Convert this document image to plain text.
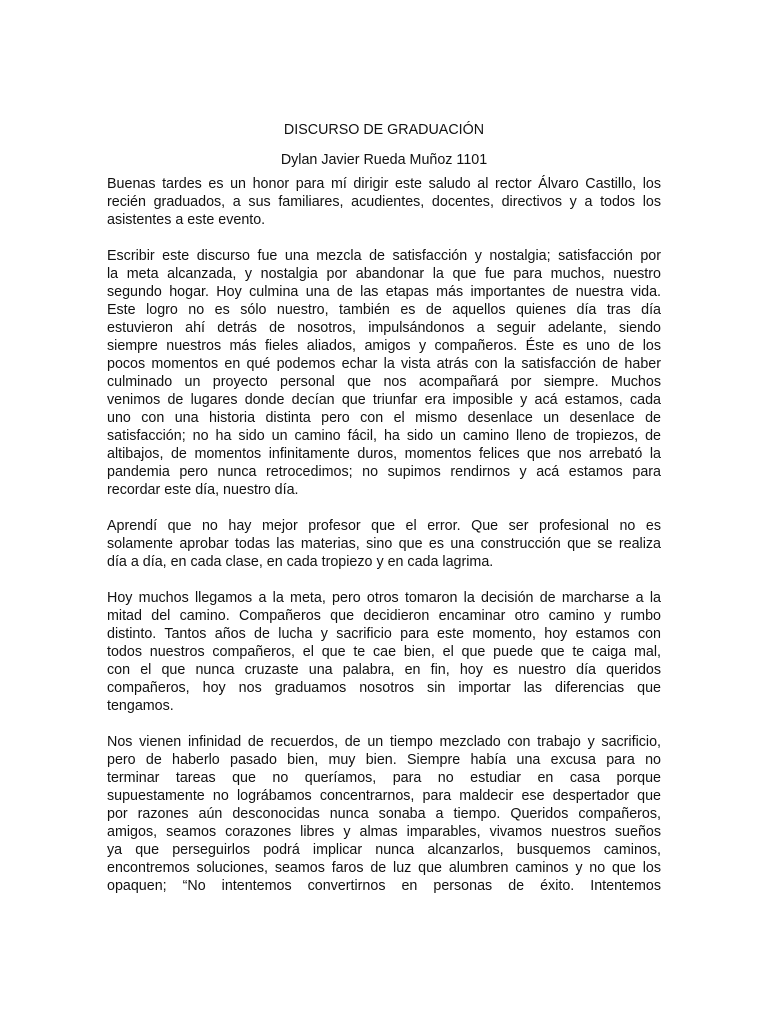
DISCURSO DE GRADUACIÓN

Dylan Javier Rueda Muñoz 1101

Buenas tardes es un honor para mí dirigir este saludo al rector Álvaro Castillo, los
recién graduados, a sus familiares, acudientes, docentes, directivos y a todos los
asistentes a este evento.

Escribir este discurso fue una mezcla de satisfacción y nostalgia; satisfacción por
la meta alcanzada, y nostalgia por abandonar la que fue para muchos, nuestro
segundo hogar. Hoy culmina una de las etapas más importantes de nuestra vida.
Este logro no es sólo nuestro, también es de aquellos quienes día tras día
estuvieron ahí detrás de nosotros, impulsándonos a seguir adelante, siendo
siempre nuestros más fieles aliados, amigos y compañeros. Éste es uno de los
pocos momentos en qué podemos echar la vista atrás con la satisfacción de haber
culminado un proyecto personal que nos acompañará por siempre. Muchos
venimos de lugares donde decían que triunfar era imposible y acá estamos, cada
uno con una historia distinta pero con el mismo desenlace un desenlace de
satisfacción; no ha sido un camino fácil, ha sido un camino lleno de tropiezos, de
altibajos, de momentos infinitamente duros, momentos felices que nos arrebató la
pandemia pero nunca retrocedimos; no supimos rendirnos y acá estamos para
recordar este día, nuestro día.

Aprendí que no hay mejor profesor que el error. Que ser profesional no es
solamente aprobar todas las materias, sino que es una construcción que se realiza
día a día, en cada clase, en cada tropiezo y en cada lagrima.

Hoy muchos llegamos a la meta, pero otros tomaron la decisión de marcharse a la
mitad del camino. Compañeros que decidieron encaminar otro camino y rumbo
distinto. Tantos años de lucha y sacrificio para este momento, hoy estamos con
todos nuestros compañeros, el que te cae bien, el que puede que te caiga mal,
con el que nunca cruzaste una palabra, en fin, hoy es nuestro día queridos
compañeros, hoy nos graduamos nosotros sin importar las diferencias que
tengamos.

Nos vienen infinidad de recuerdos, de un tiempo mezclado con trabajo y sacrificio,
pero de haberlo pasado bien, muy bien. Siempre había una excusa para no
terminar tareas que no queríamos, para no estudiar en casa porque
supuestamente no lográbamos concentrarnos, para maldecir ese despertador que
por razones aún desconocidas nunca sonaba a tiempo. Queridos compañeros,
amigos, seamos corazones libres y almas imparables, vivamos nuestros sueños
ya que perseguirlos podrá implicar nunca alcanzarlos, busquemos caminos,
encontremos soluciones, seamos faros de luz que alumbren caminos y no que los
opaquen; “No intentemos convertirnos en personas de éxito. Intentemos
